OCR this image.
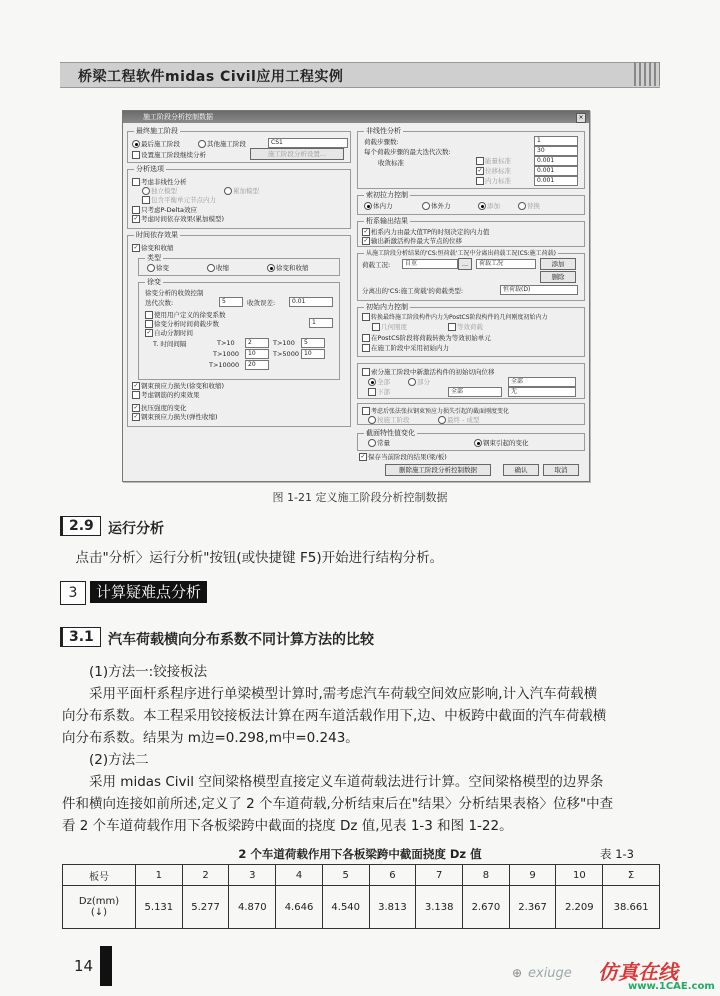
桥梁工程软件midas Civil应用工程实例
施工阶段分析控制数据	×
最终施工阶段
最后施工阶段	其他施工阶段	CS1
设置施工阶段继续分析	施工阶段分析设置...
分析选项
考虑非线性分析
独立模型	累加模型
包含平衡单元节点内力
只考虑P-Delta效应
✓ 考虑时间依存效果(累加模型)
时间依存效果
✓ 徐变和收缩
类型
徐变	收缩	徐变和收缩
徐变
徐变分析的收敛控制
迭代次数:	5	收敛误差:	0.01
使用用户定义的徐变系数
徐变分析时间荷载步数	1
✓ 自动分割时间
T. 时间间隔	T>10	2	T>100	5
T>1000	10	T>5000 10
T>10000	20
✓ 钢束预应力损失(徐变和收缩)
考虑钢筋的约束效果
✓ 抗压强度的变化
✓ 钢束预应力损失(弹性收缩)
非线性分析
荷载步骤数:	1
每个荷载步骤的最大迭代次数:	30
收敛标准	能量标准	0.001
✓ 位移标准	0.001
内力标准	0.001
索初拉力控制
体内力	体外力	添加	替换
桁系输出结果
✓ 桁系内力由最大值TP的时刻决定的内力值
✓ 输出新激活构件最大节点的位移
从施工阶段分析结果的'CS:恒荷载'工况中分离出荷载工况(CS:施工荷载)
荷载工况:	自重	...	荷载工况	添加
删除
分离出的'CS:施工荷载'的荷载类型:	恒荷载(D)
初始内力控制
转换最终施工阶段构件内力为PostCS阶段构件的几何刚度初始内力
几何刚度	等效荷载
在PostCS阶段将荷载转换为等效初始单元
在施工阶段中采用初始内力
索分施工阶段中新激活构件的初始切向位移
全部	部分	全部
下部	全部	无
考虑后张法张拉钢束预应力损失引起的截面刚度变化
按施工阶段	最终 - 成型
截面特性值变化
常量	钢束引起的变化
✓ 保存当前阶段的结果(梁/板)
删除施工阶段分析控制数据	确认	取消
图 1-21 定义施工阶段分析控制数据
2.9	运行分析
点击"分析〉运行分析"按钮(或快捷键 F5)开始进行结构分析。
3	计算疑难点分析
3.1	汽车荷载横向分布系数不同计算方法的比较
(1)方法一:铰接板法
采用平面杆系程序进行单梁模型计算时,需考虑汽车荷载空间效应影响,计入汽车荷载横
向分布系数。本工程采用铰接板法计算在两车道活载作用下,边、中板跨中截面的汽车荷载横
向分布系数。结果为 m边=0.298,m中=0.243。
(2)方法二
采用 midas Civil 空间梁格模型直接定义车道荷载法进行计算。空间梁格模型的边界条
件和横向连接如前所述,定义了 2 个车道荷载,分析结束后在"结果〉分析结果表格〉位移"中查
看 2 个车道荷载作用下各板梁跨中截面的挠度 Dz 值,见表 1-3 和图 1-22。
2 个车道荷载作用下各板梁跨中截面挠度 Dz 值	表 1-3
板号	1	2	3	4	5	6	7	8	9	10	Σ

Dz(mm)
(↓)	5.131	5.277	4.870	4.646	4.540	3.813	3.138	2.670	2.367	2.209	38.661
14	⊕ exiuge 仿真在线
www.1CAE.com
